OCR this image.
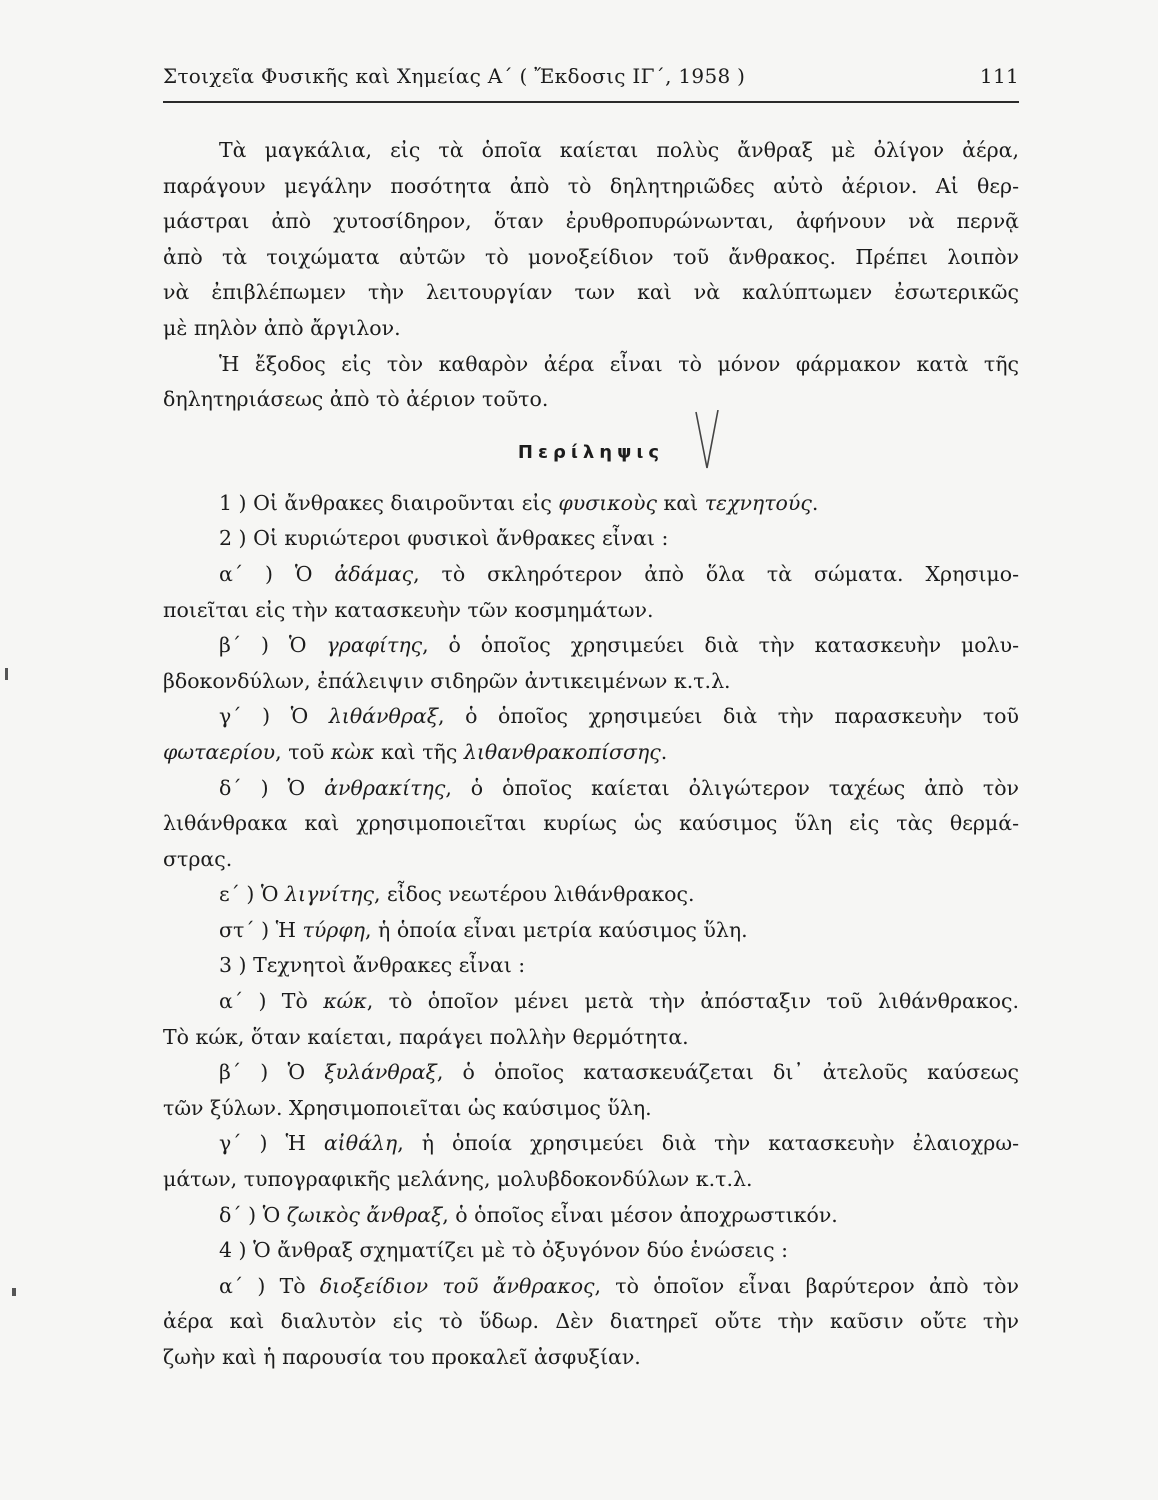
Στοιχεῖα Φυσικῆς καὶ Χημείας Α΄ ( Ἔκδοσις ΙΓ΄, 1958 )	111
Τὰ μαγκάλια, εἰς τὰ ὁποῖα καίεται πολὺς ἄνθραξ μὲ ὀλίγον ἀέρα,
παράγουν μεγάλην ποσότητα ἀπὸ τὸ δηλητηριῶδες αὐτὸ ἀέριον. Αἱ θερ-
μάστραι ἀπὸ χυτοσίδηρον, ὅταν ἐρυθροπυρώνωνται, ἀφήνουν νὰ περνᾷ
ἀπὸ τὰ τοιχώματα αὐτῶν τὸ μονοξείδιον τοῦ ἄνθρακος. Πρέπει λοιπὸν
νὰ ἐπιβλέπωμεν τὴν λειτουργίαν των καὶ νὰ καλύπτωμεν ἐσωτερικῶς
μὲ πηλὸν ἀπὸ ἄργιλον.
Ἡ ἔξοδος εἰς τὸν καθαρὸν ἀέρα εἶναι τὸ μόνον φάρμακον κατὰ τῆς
δηλητηριάσεως ἀπὸ τὸ ἀέριον τοῦτο.
Περίληψις
1 ) Οἱ ἄνθρακες διαιροῦνται εἰς φυσικοὺς καὶ τεχνητούς.
2 ) Οἱ κυριώτεροι φυσικοὶ ἄνθρακες εἶναι :
α΄ ) Ὁ ἀδάμας, τὸ σκληρότερον ἀπὸ ὅλα τὰ σώματα. Χρησιμο-
ποιεῖται εἰς τὴν κατασκευὴν τῶν κοσμημάτων.
β΄ ) Ὁ γραφίτης, ὁ ὁποῖος χρησιμεύει διὰ τὴν κατασκευὴν μολυ-
βδοκονδύλων, ἐπάλειψιν σιδηρῶν ἀντικειμένων κ.τ.λ.
γ΄ ) Ὁ λιθάνθραξ, ὁ ὁποῖος χρησιμεύει διὰ τὴν παρασκευὴν τοῦ
φωταερίου, τοῦ κὼκ καὶ τῆς λιθανθρακοπίσσης.
δ΄ ) Ὁ ἀνθρακίτης, ὁ ὁποῖος καίεται ὀλιγώτερον ταχέως ἀπὸ τὸν
λιθάνθρακα καὶ χρησιμοποιεῖται κυρίως ὡς καύσιμος ὕλη εἰς τὰς θερμά-
στρας.
ε΄ ) Ὁ λιγνίτης, εἶδος νεωτέρου λιθάνθρακος.
στ΄ ) Ἡ τύρφη, ἡ ὁποία εἶναι μετρία καύσιμος ὕλη.
3 ) Τεχνητοὶ ἄνθρακες εἶναι :
α΄ ) Τὸ κώκ, τὸ ὁποῖον μένει μετὰ τὴν ἀπόσταξιν τοῦ λιθάνθρακος.
Τὸ κώκ, ὅταν καίεται, παράγει πολλὴν θερμότητα.
β΄ ) Ὁ ξυλάνθραξ, ὁ ὁποῖος κατασκευάζεται δι᾽ ἀτελοῦς καύσεως
τῶν ξύλων. Χρησιμοποιεῖται ὡς καύσιμος ὕλη.
γ΄ ) Ἡ αἰθάλη, ἡ ὁποία χρησιμεύει διὰ τὴν κατασκευὴν ἐλαιοχρω-
μάτων, τυπογραφικῆς μελάνης, μολυβδοκονδύλων κ.τ.λ.
δ΄ ) Ὁ ζωικὸς ἄνθραξ, ὁ ὁποῖος εἶναι μέσον ἀποχρωστικόν.
4 ) Ὁ ἄνθραξ σχηματίζει μὲ τὸ ὀξυγόνον δύο ἑνώσεις :
α΄ ) Τὸ διοξείδιον τοῦ ἄνθρακος, τὸ ὁποῖον εἶναι βαρύτερον ἀπὸ τὸν
ἀέρα καὶ διαλυτὸν εἰς τὸ ὕδωρ. Δὲν διατηρεῖ οὔτε τὴν καῦσιν οὔτε τὴν
ζωὴν καὶ ἡ παρουσία του προκαλεῖ ἀσφυξίαν.
